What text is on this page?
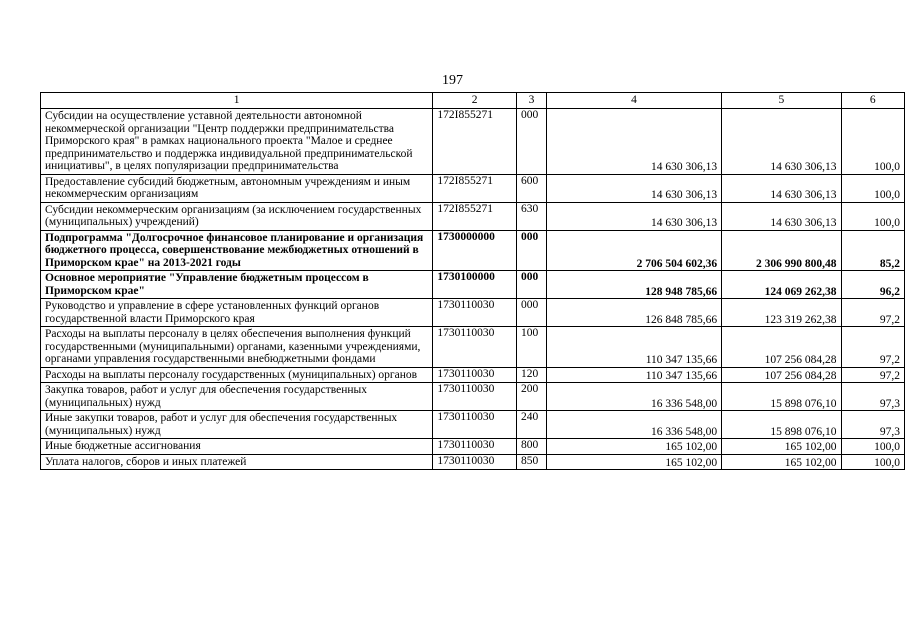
197
1	2	3	4	5	6
Субсидии на осуществление уставной деятельности автономной некоммерческой организации "Центр поддержки предпринимательства Приморского края" в рамках национального проекта "Малое и среднее предпринимательство и поддержка индивидуальной предпринимательской инициативы", в целях популяризации предпринимательства	172I855271	000	14 630 306,13	14 630 306,13	100,0
Предоставление субсидий бюджетным, автономным учреждениям и иным некоммерческим организациям	172I855271	600	14 630 306,13	14 630 306,13	100,0
Субсидии некоммерческим организациям (за исключением государственных (муниципальных) учреждений)	172I855271	630	14 630 306,13	14 630 306,13	100,0
Подпрограмма "Долгосрочное финансовое планирование и организация бюджетного процесса, совершенствование межбюджетных отношений в Приморском крае" на 2013-2021 годы	1730000000	000	2 706 504 602,36	2 306 990 800,48	85,2
Основное мероприятие "Управление бюджетным процессом в Приморском крае"	1730100000	000	128 948 785,66	124 069 262,38	96,2
Руководство и управление в сфере установленных функций органов государственной власти Приморского края	1730110030	000	126 848 785,66	123 319 262,38	97,2
Расходы на выплаты персоналу в целях обеспечения выполнения функций государственными (муниципальными) органами, казенными учреждениями, органами управления государственными внебюджетными фондами	1730110030	100	110 347 135,66	107 256 084,28	97,2
Расходы на выплаты персоналу государственных (муниципальных) органов	1730110030	120	110 347 135,66	107 256 084,28	97,2
Закупка товаров, работ и услуг для обеспечения государственных (муниципальных) нужд	1730110030	200	16 336 548,00	15 898 076,10	97,3
Иные закупки товаров, работ и услуг для обеспечения государственных (муниципальных) нужд	1730110030	240	16 336 548,00	15 898 076,10	97,3
Иные бюджетные ассигнования	1730110030	800	165 102,00	165 102,00	100,0
Уплата налогов, сборов и иных платежей	1730110030	850	165 102,00	165 102,00	100,0
